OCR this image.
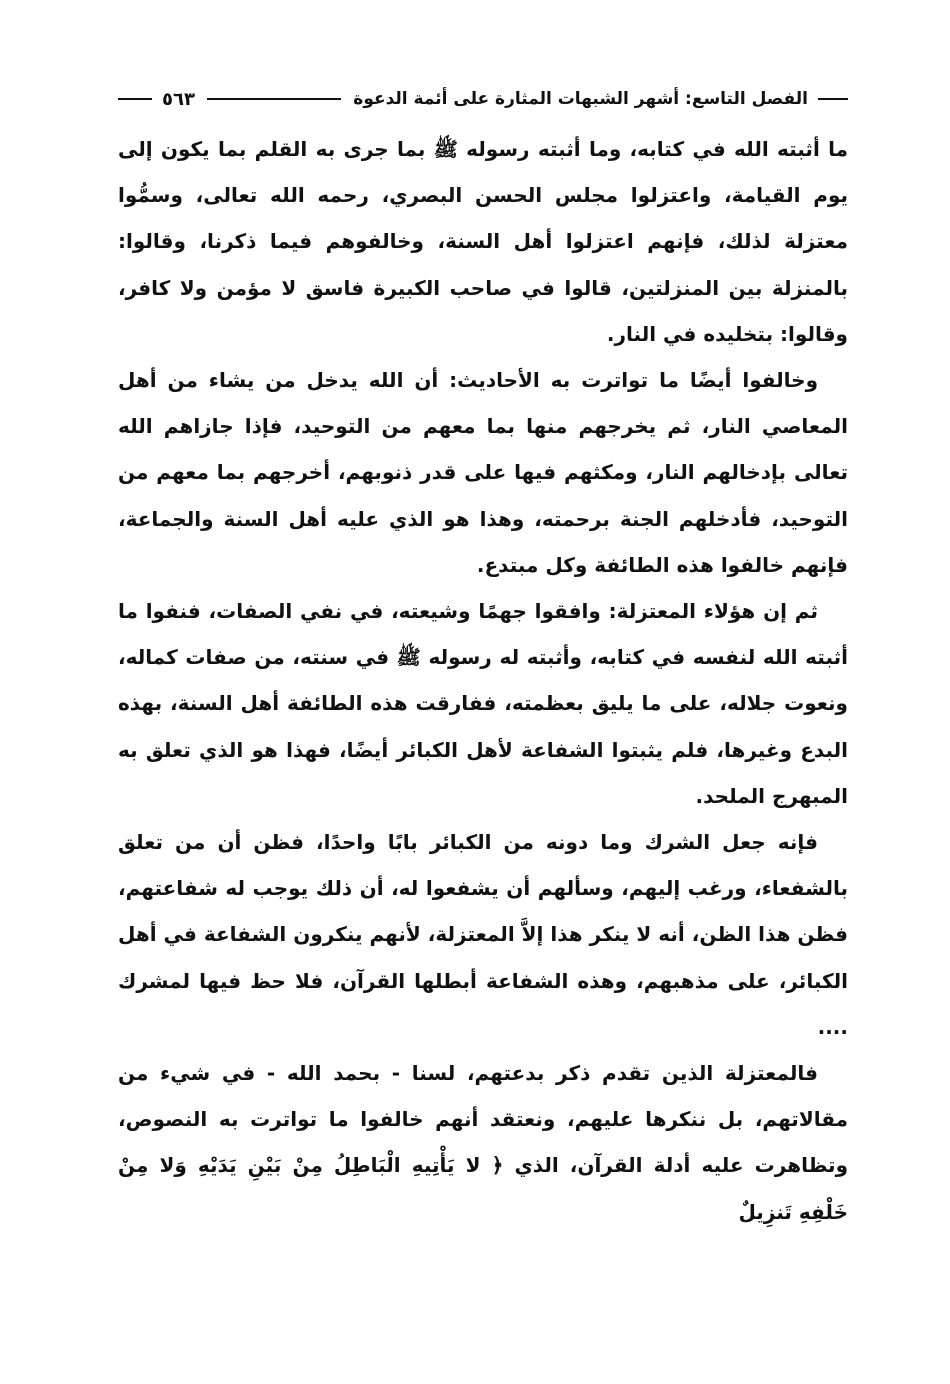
الفصل التاسع: أشهر الشبهات المثارة على أئمة الدعوة
٥٦٣

ما أثبته الله في كتابه، وما أثبته رسوله ﷺ بما جرى به القلم بما يكون إلى يوم القيامة، واعتزلوا مجلس الحسن البصري، رحمه الله تعالى، وسمُّوا معتزلة لذلك، فإنهم اعتزلوا أهل السنة، وخالفوهم فيما ذكرنا، وقالوا: بالمنزلة بين المنزلتين، قالوا في صاحب الكبيرة فاسق لا مؤمن ولا كافر، وقالوا: بتخليده في النار.

وخالفوا أيضًا ما تواترت به الأحاديث: أن الله يدخل من يشاء من أهل المعاصي النار، ثم يخرجهم منها بما معهم من التوحيد، فإذا جازاهم الله تعالى بإدخالهم النار، ومكثهم فيها على قدر ذنوبهم، أخرجهم بما معهم من التوحيد، فأدخلهم الجنة برحمته، وهذا هو الذي عليه أهل السنة والجماعة، فإنهم خالفوا هذه الطائفة وكل مبتدع.

ثم إن هؤلاء المعتزلة: وافقوا جهمًا وشيعته، في نفي الصفات، فنفوا ما أثبته الله لنفسه في كتابه، وأثبته له رسوله ﷺ في سنته، من صفات كماله، ونعوت جلاله، على ما يليق بعظمته، ففارقت هذه الطائفة أهل السنة، بهذه البدع وغيرها، فلم يثبتوا الشفاعة لأهل الكبائر أيضًا، فهذا هو الذي تعلق به المبهرج الملحد.

فإنه جعل الشرك وما دونه من الكبائر بابًا واحدًا، فظن أن من تعلق بالشفعاء، ورغب إليهم، وسألهم أن يشفعوا له، أن ذلك يوجب له شفاعتهم، فظن هذا الظن، أنه لا ينكر هذا إلاَّ المعتزلة، لأنهم ينكرون الشفاعة في أهل الكبائر، على مذهبهم، وهذه الشفاعة أبطلها القرآن، فلا حظ فيها لمشرك ....

فالمعتزلة الذين تقدم ذكر بدعتهم، لسنا - بحمد الله - في شيء من مقالاتهم، بل ننكرها عليهم، ونعتقد أنهم خالفوا ما تواترت به النصوص، وتظاهرت عليه أدلة القرآن، الذي ﴿ لا يَأْتِيهِ الْبَاطِلُ مِنْ بَيْنِ يَدَيْهِ وَلا مِنْ خَلْفِهِ تَنزِيلٌ
